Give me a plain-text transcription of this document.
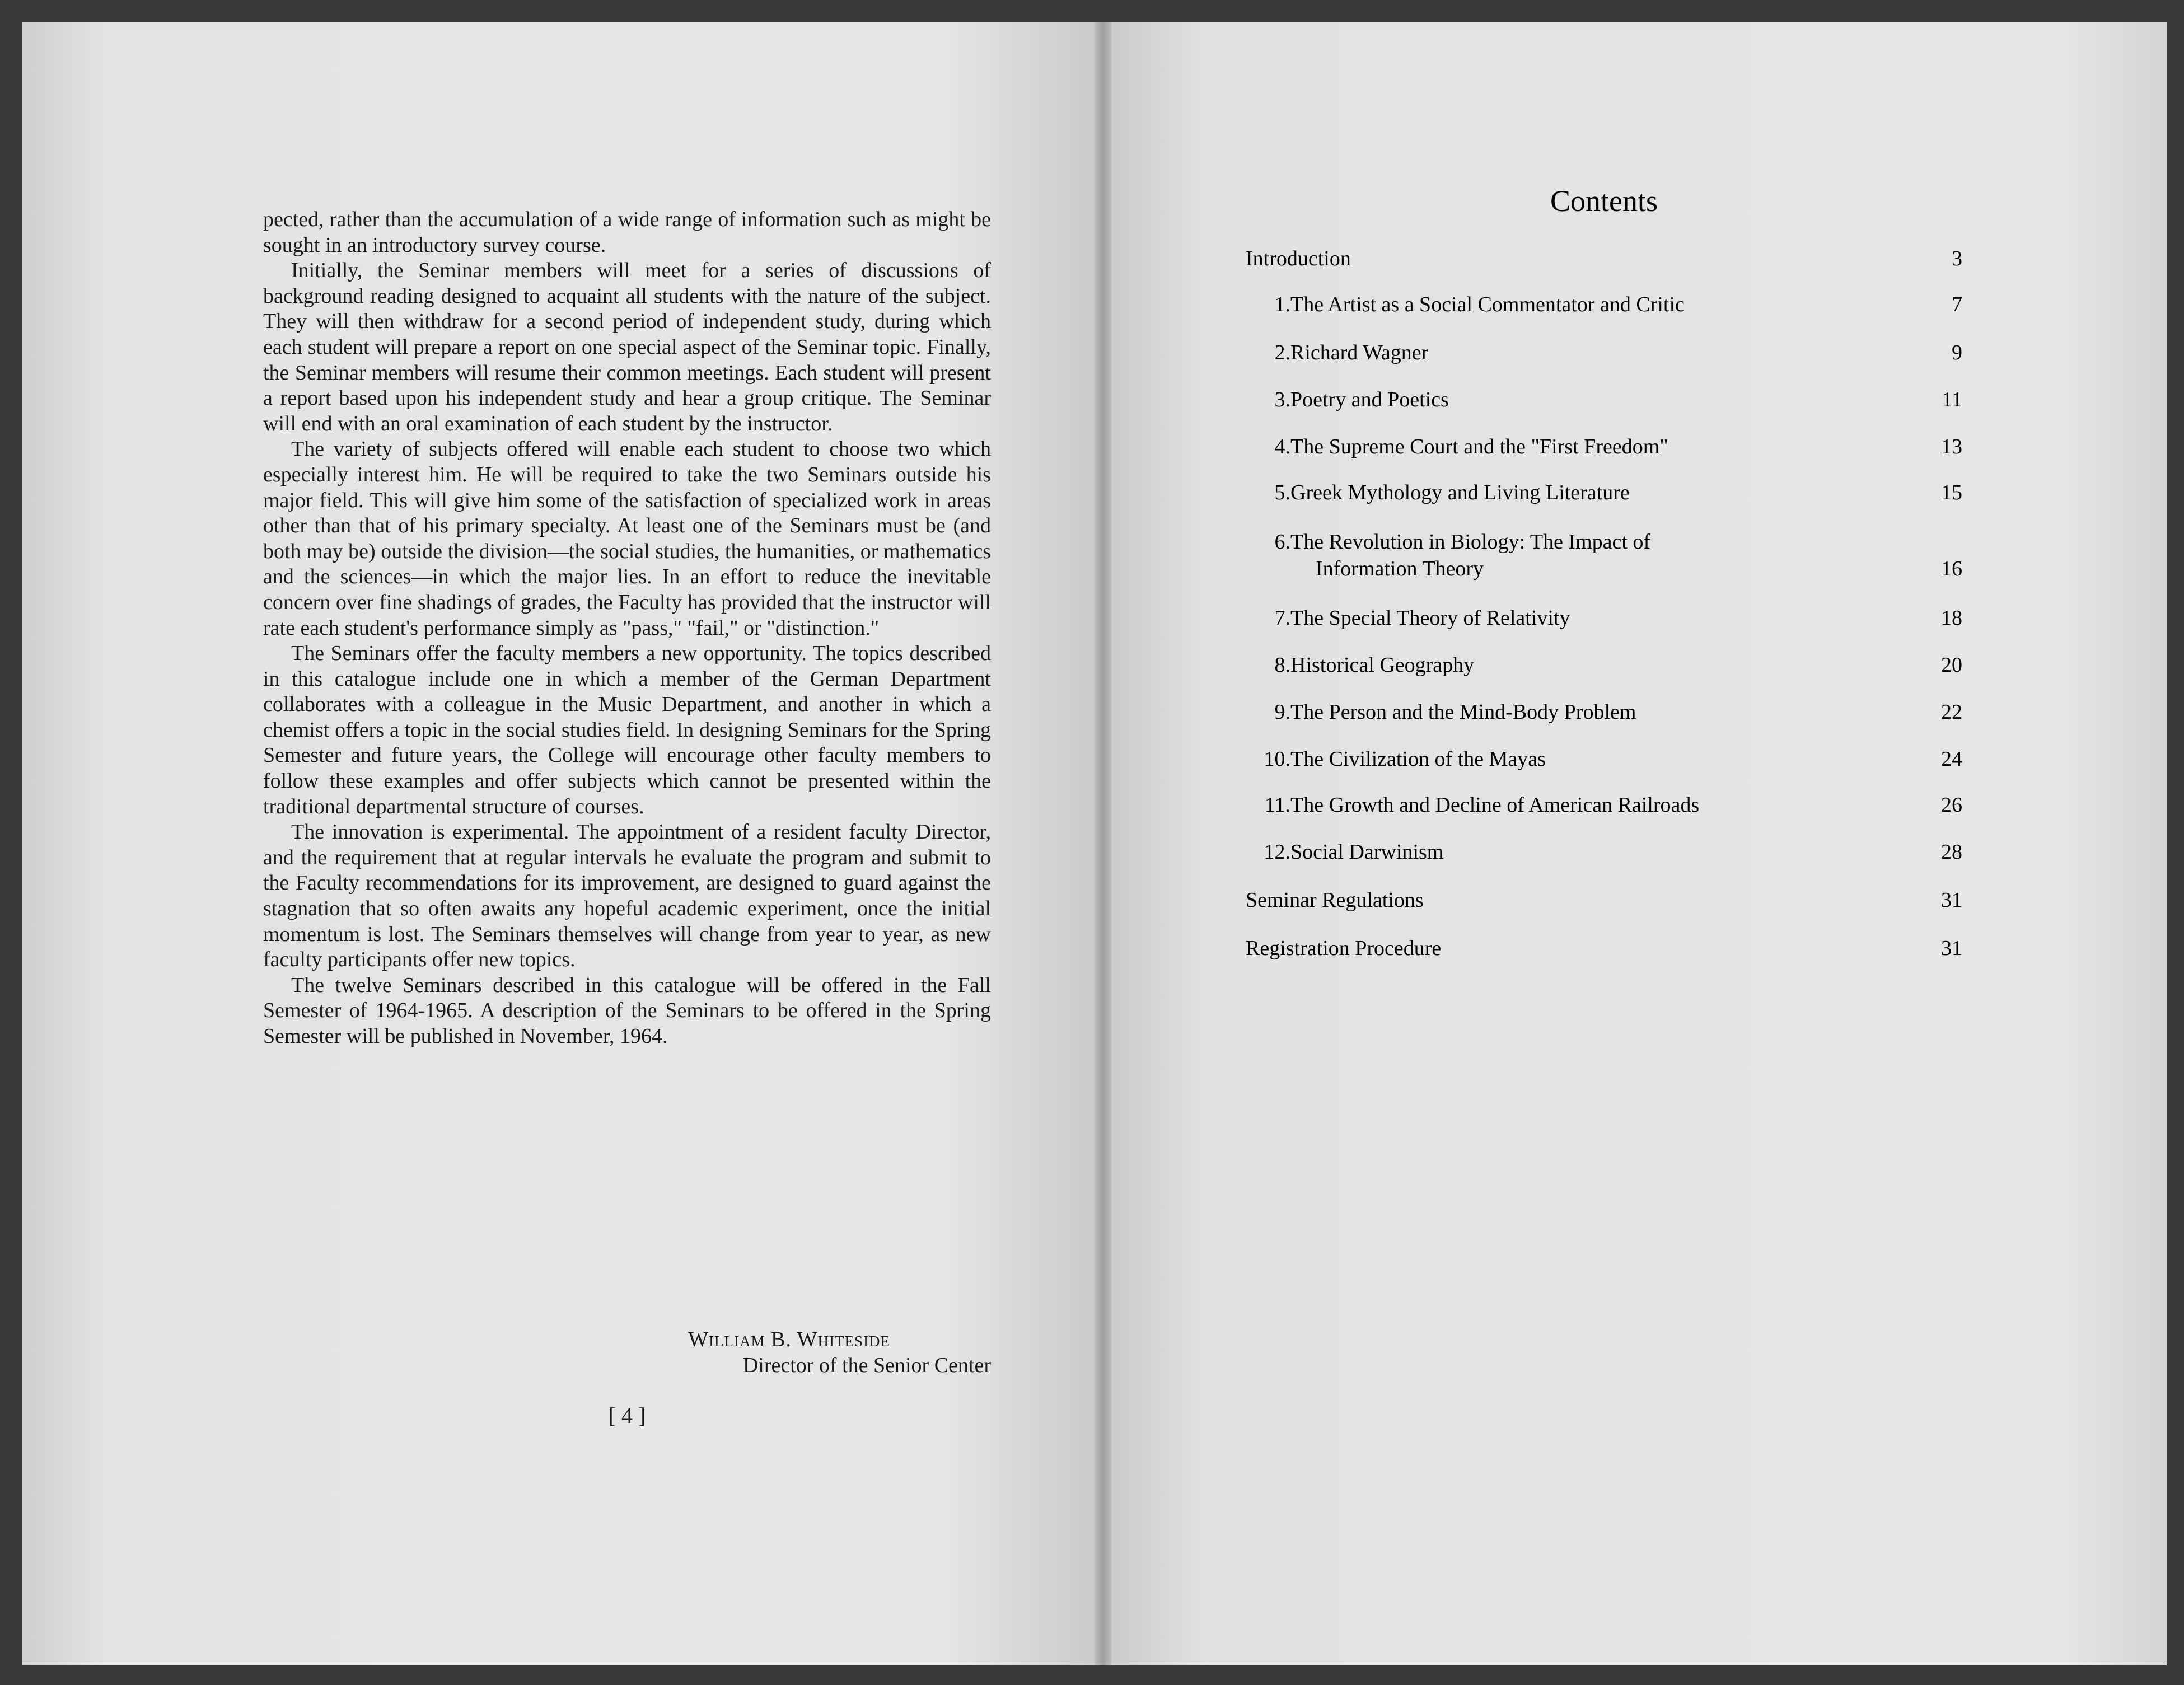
pected, rather than the accumulation of a wide range of information such as might be sought in an introductory survey course.

Initially, the Seminar members will meet for a series of discussions of background reading designed to acquaint all students with the nature of the subject. They will then withdraw for a second period of independent study, during which each student will prepare a report on one special aspect of the Seminar topic. Finally, the Seminar members will resume their common meetings. Each student will present a report based upon his independent study and hear a group critique. The Seminar will end with an oral examination of each student by the instructor.

The variety of subjects offered will enable each student to choose two which especially interest him. He will be required to take the two Seminars outside his major field. This will give him some of the satisfaction of specialized work in areas other than that of his primary specialty. At least one of the Seminars must be (and both may be) outside the division—the social studies, the humanities, or mathematics and the sciences—in which the major lies. In an effort to reduce the inevitable concern over fine shadings of grades, the Faculty has provided that the instructor will rate each student's performance simply as "pass," "fail," or "distinction."

The Seminars offer the faculty members a new opportunity. The topics described in this catalogue include one in which a member of the German Department collaborates with a colleague in the Music Department, and another in which a chemist offers a topic in the social studies field. In designing Seminars for the Spring Semester and future years, the College will encourage other faculty members to follow these examples and offer subjects which cannot be presented within the traditional departmental structure of courses.

The innovation is experimental. The appointment of a resident faculty Director, and the requirement that at regular intervals he evaluate the program and submit to the Faculty recommendations for its improvement, are designed to guard against the stagnation that so often awaits any hopeful academic experiment, once the initial momentum is lost. The Seminars themselves will change from year to year, as new faculty participants offer new topics.

The twelve Seminars described in this catalogue will be offered in the Fall Semester of 1964-1965. A description of the Seminars to be offered in the Spring Semester will be published in November, 1964.

William B. Whiteside
Director of the Senior Center
[ 4 ]
Contents
Introduction	3
1. The Artist as a Social Commentator and Critic	7
2. Richard Wagner	9
3. Poetry and Poetics	11
4. The Supreme Court and the "First Freedom"	13
5. Greek Mythology and Living Literature	15
6. The Revolution in Biology: The Impact of
Information Theory	16
7. The Special Theory of Relativity	18
8. Historical Geography	20
9. The Person and the Mind-Body Problem	22
10. The Civilization of the Mayas	24
11. The Growth and Decline of American Railroads	26
12. Social Darwinism	28
Seminar Regulations	31
Registration Procedure	31
